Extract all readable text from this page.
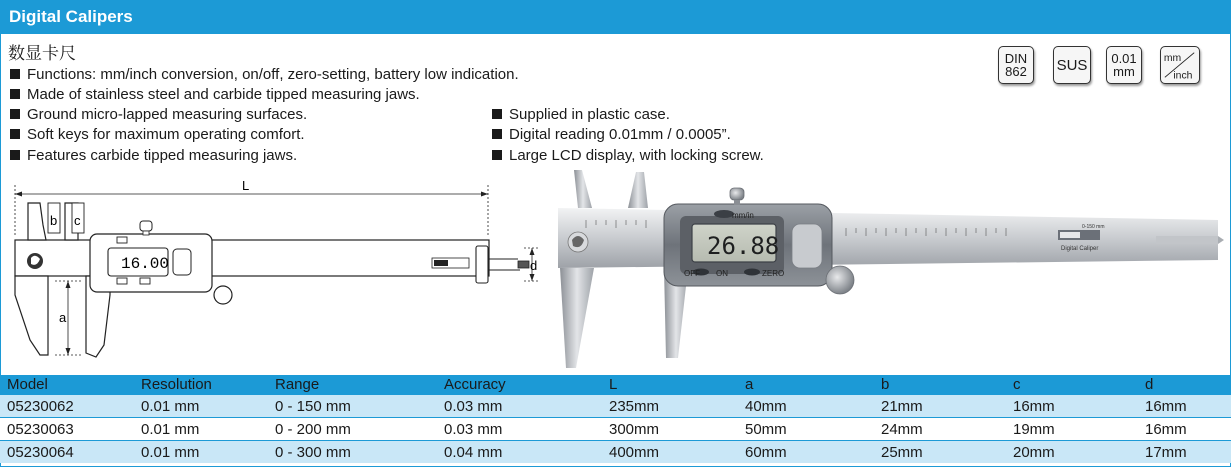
Digital Calipers
数显卡尺
Functions: mm/inch conversion, on/off, zero-setting, battery low indication.
Made of stainless steel and carbide tipped measuring jaws.
Ground micro-lapped measuring surfaces.
Soft keys for maximum operating comfort.
Features carbide tipped measuring jaws.
Supplied in plastic case.
Digital reading 0.01mm / 0.0005”.
Large LCD display, with locking screw.
DIN
862 SUS 0.01
mm
mm
inch
L
b c
a
16.00	d
26.88
mm/in
OFF ON	ZERO
0-150 mm
Digital Caliper
Model	Resolution	Range	Accuracy	L	a	b	c	d
05230062	0.01 mm	0 - 150 mm	0.03 mm	235mm	40mm	21mm	16mm	16mm
05230063	0.01 mm	0 - 200 mm	0.03 mm	300mm	50mm	24mm	19mm	16mm
05230064	0.01 mm	0 - 300 mm	0.04 mm	400mm	60mm	25mm	20mm	17mm
